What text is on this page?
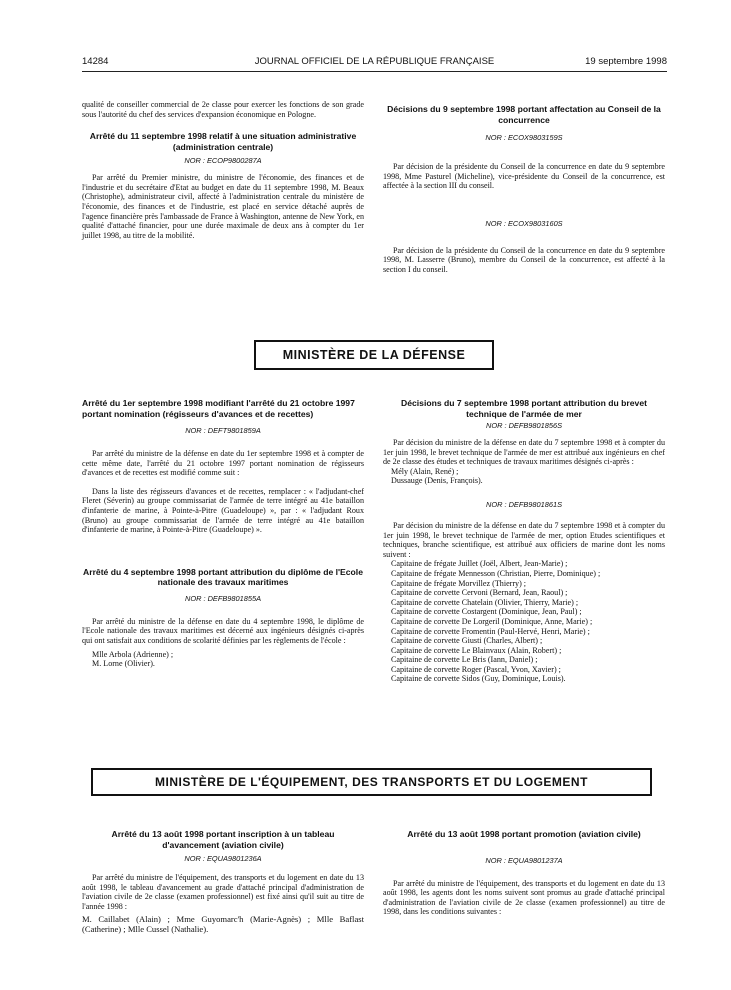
14284	JOURNAL OFFICIEL DE LA RÉPUBLIQUE FRANÇAISE	19 septembre 1998

qualité de conseiller commercial de 2e classe pour exercer les fonctions de son grade sous l'autorité du chef des services d'expansion économique en Pologne.

Arrêté du 11 septembre 1998 relatif à une situation administrative (administration centrale)

NOR : ECOP9800287A

Par arrêté du Premier ministre, du ministre de l'économie, des finances et de l'industrie et du secrétaire d'Etat au budget en date du 11 septembre 1998, M. Beaux (Christophe), administrateur civil, affecté à l'administration centrale du ministère de l'économie, des finances et de l'industrie, est placé en service détaché auprès de l'agence financière près l'ambassade de France à Washington, antenne de New York, en qualité d'attaché financier, pour une durée maximale de deux ans à compter du 1er juillet 1998, au titre de la mobilité.

Décisions du 9 septembre 1998 portant affectation au Conseil de la concurrence

NOR : ECOX9803159S

Par décision de la présidente du Conseil de la concurrence en date du 9 septembre 1998, Mme Pasturel (Micheline), vice-présidente du Conseil de la concurrence, est affectée à la section III du conseil.

NOR : ECOX9803160S

Par décision de la présidente du Conseil de la concurrence en date du 9 septembre 1998, M. Lasserre (Bruno), membre du Conseil de la concurrence, est affecté à la section I du conseil.

MINISTÈRE DE LA DÉFENSE

Arrêté du 1er septembre 1998 modifiant l'arrêté du 21 octobre 1997 portant nomination (régisseurs d'avances et de recettes)

NOR : DEFT9801859A

Par arrêté du ministre de la défense en date du 1er septembre 1998 et à compter de cette même date, l'arrêté du 21 octobre 1997 portant nomination de régisseurs d'avances et de recettes est modifié comme suit :

Dans la liste des régisseurs d'avances et de recettes, remplacer : « l'adjudant-chef Fleret (Séverin) au groupe commissariat de l'armée de terre intégré au 41e bataillon d'infanterie de marine, à Pointe-à-Pitre (Guadeloupe) », par : « l'adjudant Roux (Bruno) au groupe commissariat de l'armée de terre intégré au 41e bataillon d'infanterie de marine, à Pointe-à-Pitre (Guadeloupe) ».

Arrêté du 4 septembre 1998 portant attribution du diplôme de l'Ecole nationale des travaux maritimes

NOR : DEFB9801855A

Par arrêté du ministre de la défense en date du 4 septembre 1998, le diplôme de l'Ecole nationale des travaux maritimes est décerné aux ingénieurs désignés ci-après qui ont satisfait aux conditions de scolarité définies par les règlements de l'école :

Mlle Arbola (Adrienne) ;

M. Lorne (Olivier).

Décisions du 7 septembre 1998 portant attribution du brevet technique de l'armée de mer

NOR : DEFB9801856S

Par décision du ministre de la défense en date du 7 septembre 1998 et à compter du 1er juin 1998, le brevet technique de l'armée de mer est attribué aux ingénieurs en chef de 2e classe des études et techniques de travaux maritimes désignés ci-après :

Mély (Alain, René) ;

Dussauge (Denis, François).

NOR : DEFB9801861S

Par décision du ministre de la défense en date du 7 septembre 1998 et à compter du 1er juin 1998, le brevet technique de l'armée de mer, option Etudes scientifiques et techniques, branche scientifique, est attribué aux officiers de marine dont les noms suivent :

Capitaine de frégate Juillet (Joël, Albert, Jean-Marie) ;

Capitaine de frégate Mennesson (Christian, Pierre, Dominique) ;

Capitaine de frégate Morvillez (Thierry) ;

Capitaine de corvette Cervoni (Bernard, Jean, Raoul) ;

Capitaine de corvette Chatelain (Olivier, Thierry, Marie) ;

Capitaine de corvette Costargent (Dominique, Jean, Paul) ;

Capitaine de corvette De Lorgeril (Dominique, Anne, Marie) ;

Capitaine de corvette Fromentin (Paul-Hervé, Henri, Marie) ;

Capitaine de corvette Giusti (Charles, Albert) ;

Capitaine de corvette Le Blainvaux (Alain, Robert) ;

Capitaine de corvette Le Bris (Iann, Daniel) ;

Capitaine de corvette Roger (Pascal, Yvon, Xavier) ;

Capitaine de corvette Sidos (Guy, Dominique, Louis).

MINISTÈRE DE L'ÉQUIPEMENT, DES TRANSPORTS ET DU LOGEMENT

Arrêté du 13 août 1998 portant inscription à un tableau d'avancement (aviation civile)

NOR : EQUA9801236A

Par arrêté du ministre de l'équipement, des transports et du logement en date du 13 août 1998, le tableau d'avancement au grade d'attaché principal d'administration de l'aviation civile de 2e classe (examen professionnel) est fixé ainsi qu'il suit au titre de l'année 1998 :

M. Caillabet (Alain) ; Mme Guyomarc'h (Marie-Agnès) ; Mlle Baflast (Catherine) ; Mlle Cussel (Nathalie).

Arrêté du 13 août 1998 portant promotion (aviation civile)

NOR : EQUA9801237A

Par arrêté du ministre de l'équipement, des transports et du logement en date du 13 août 1998, les agents dont les noms suivent sont promus au grade d'attaché principal d'administration de l'aviation civile de 2e classe (examen professionnel) au titre de 1998, dans les conditions suivantes :
